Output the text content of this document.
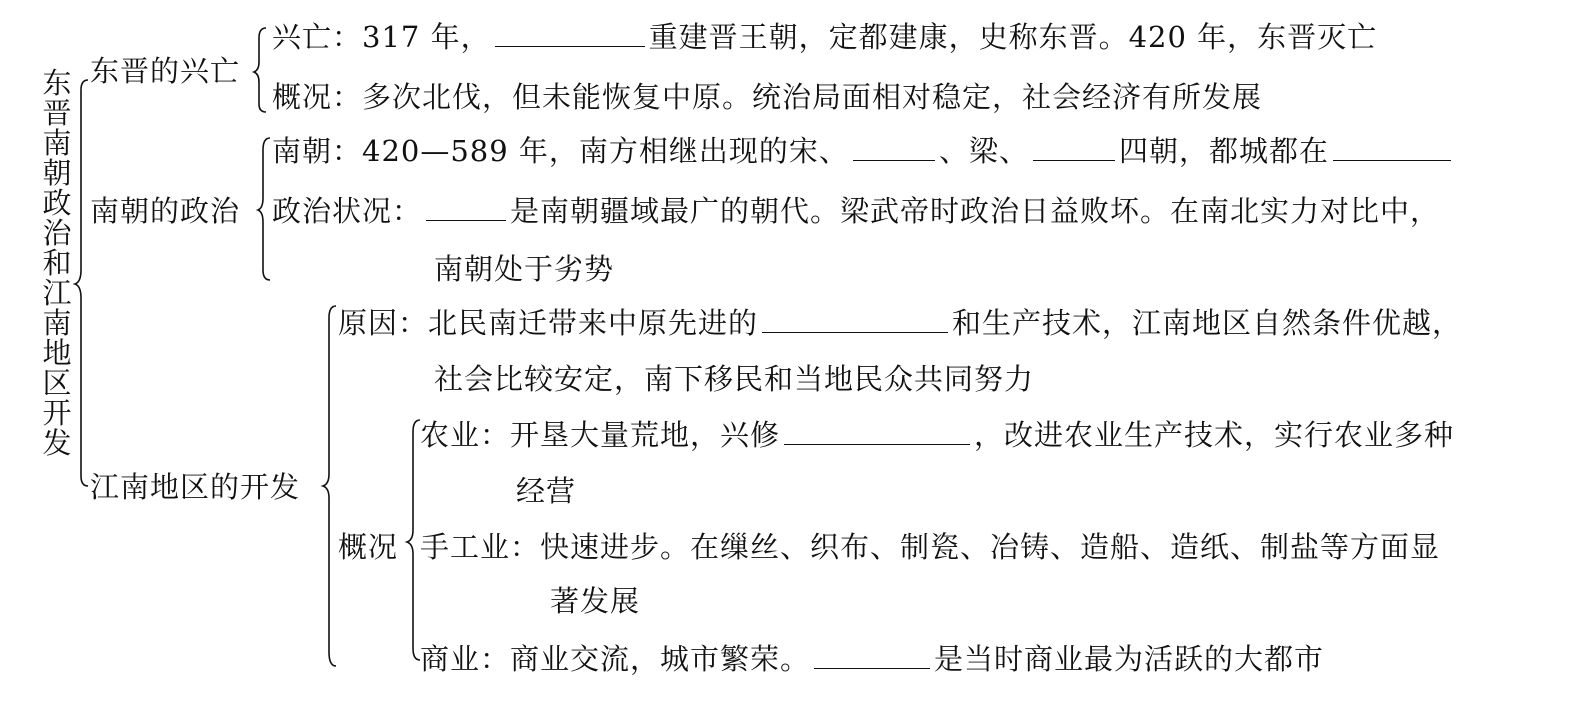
东晋南朝政治和江南地区开发
东晋的兴亡
兴亡：317 年，	重建晋王朝，定都建康，史称东晋。420 年，东晋灭亡
概况：多次北伐，但未能恢复中原。统治局面相对稳定，社会经济有所发展
南朝的政治
南朝：420—589 年，南方相继出现的宋、	、梁、	四朝，都城都在
政治状况：	是南朝疆域最广的朝代。梁武帝时政治日益败坏。在南北实力对比中，
南朝处于劣势
江南地区的开发
原因：北民南迁带来中原先进的	和生产技术，江南地区自然条件优越，
社会比较安定，南下移民和当地民众共同努力
概况
农业：开垦大量荒地，兴修	，改进农业生产技术，实行农业多种
经营
手工业：快速进步。在缫丝、织布、制瓷、冶铸、造船、造纸、制盐等方面显
著发展
商业：商业交流，城市繁荣。	是当时商业最为活跃的大都市
